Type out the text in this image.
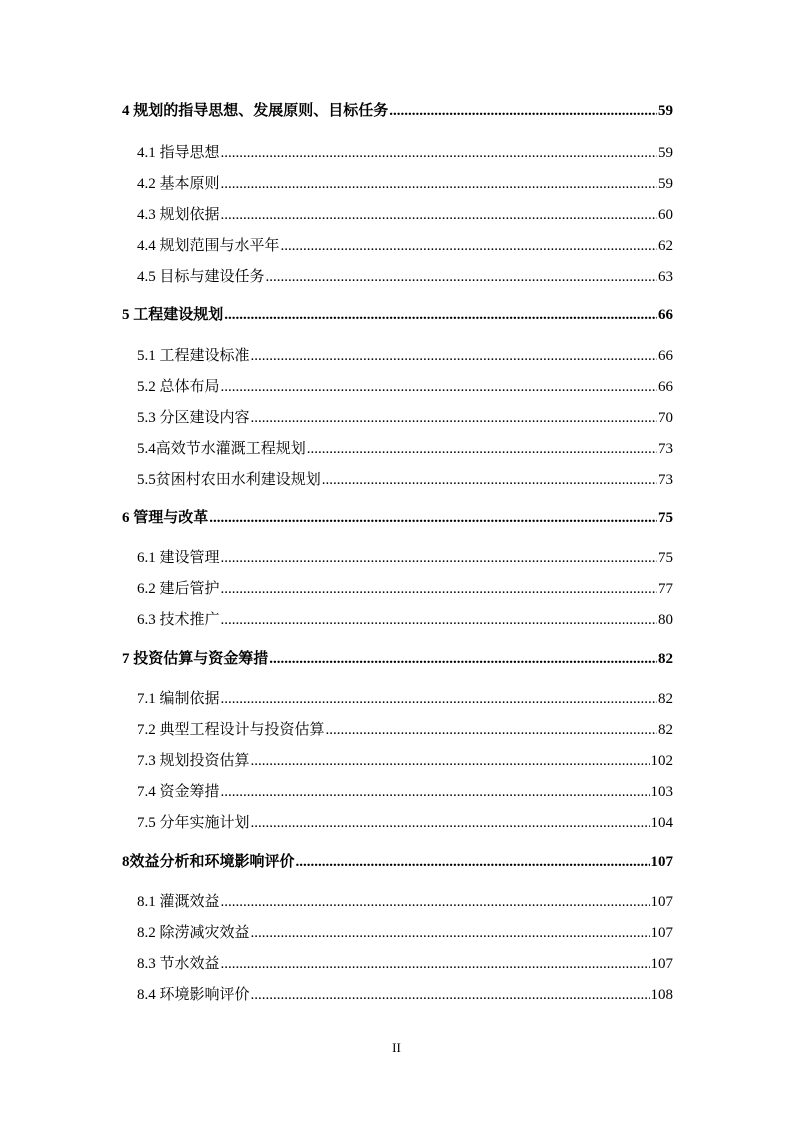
4 规划的指导思想、发展原则、目标任务 .....	59
4.1 指导思想 .....	59
4.2 基本原则 .....	59
4.3 规划依据 .....	60
4.4 规划范围与水平年 .....	62
4.5 目标与建设任务 .....	63
5 工程建设规划 .....	66
5.1 工程建设标准 .....	66
5.2 总体布局 .....	66
5.3 分区建设内容 .....	70
5.4高效节水灌溉工程规划 .....	73
5.5贫困村农田水利建设规划 .....	73
6 管理与改革 .....	75
6.1 建设管理 .....	75
6.2 建后管护 .....	77
6.3 技术推广 .....	80
7 投资估算与资金筹措 .....	82
7.1 编制依据 .....	82
7.2 典型工程设计与投资估算 .....	82
7.3 规划投资估算 .....	102
7.4 资金筹措 .....	103
7.5 分年实施计划 .....	104
8效益分析和环境影响评价 .....	107
8.1 灌溉效益 .....	107
8.2 除涝减灾效益 .....	107
8.3 节水效益 .....	107
8.4 环境影响评价 .....	108
II
